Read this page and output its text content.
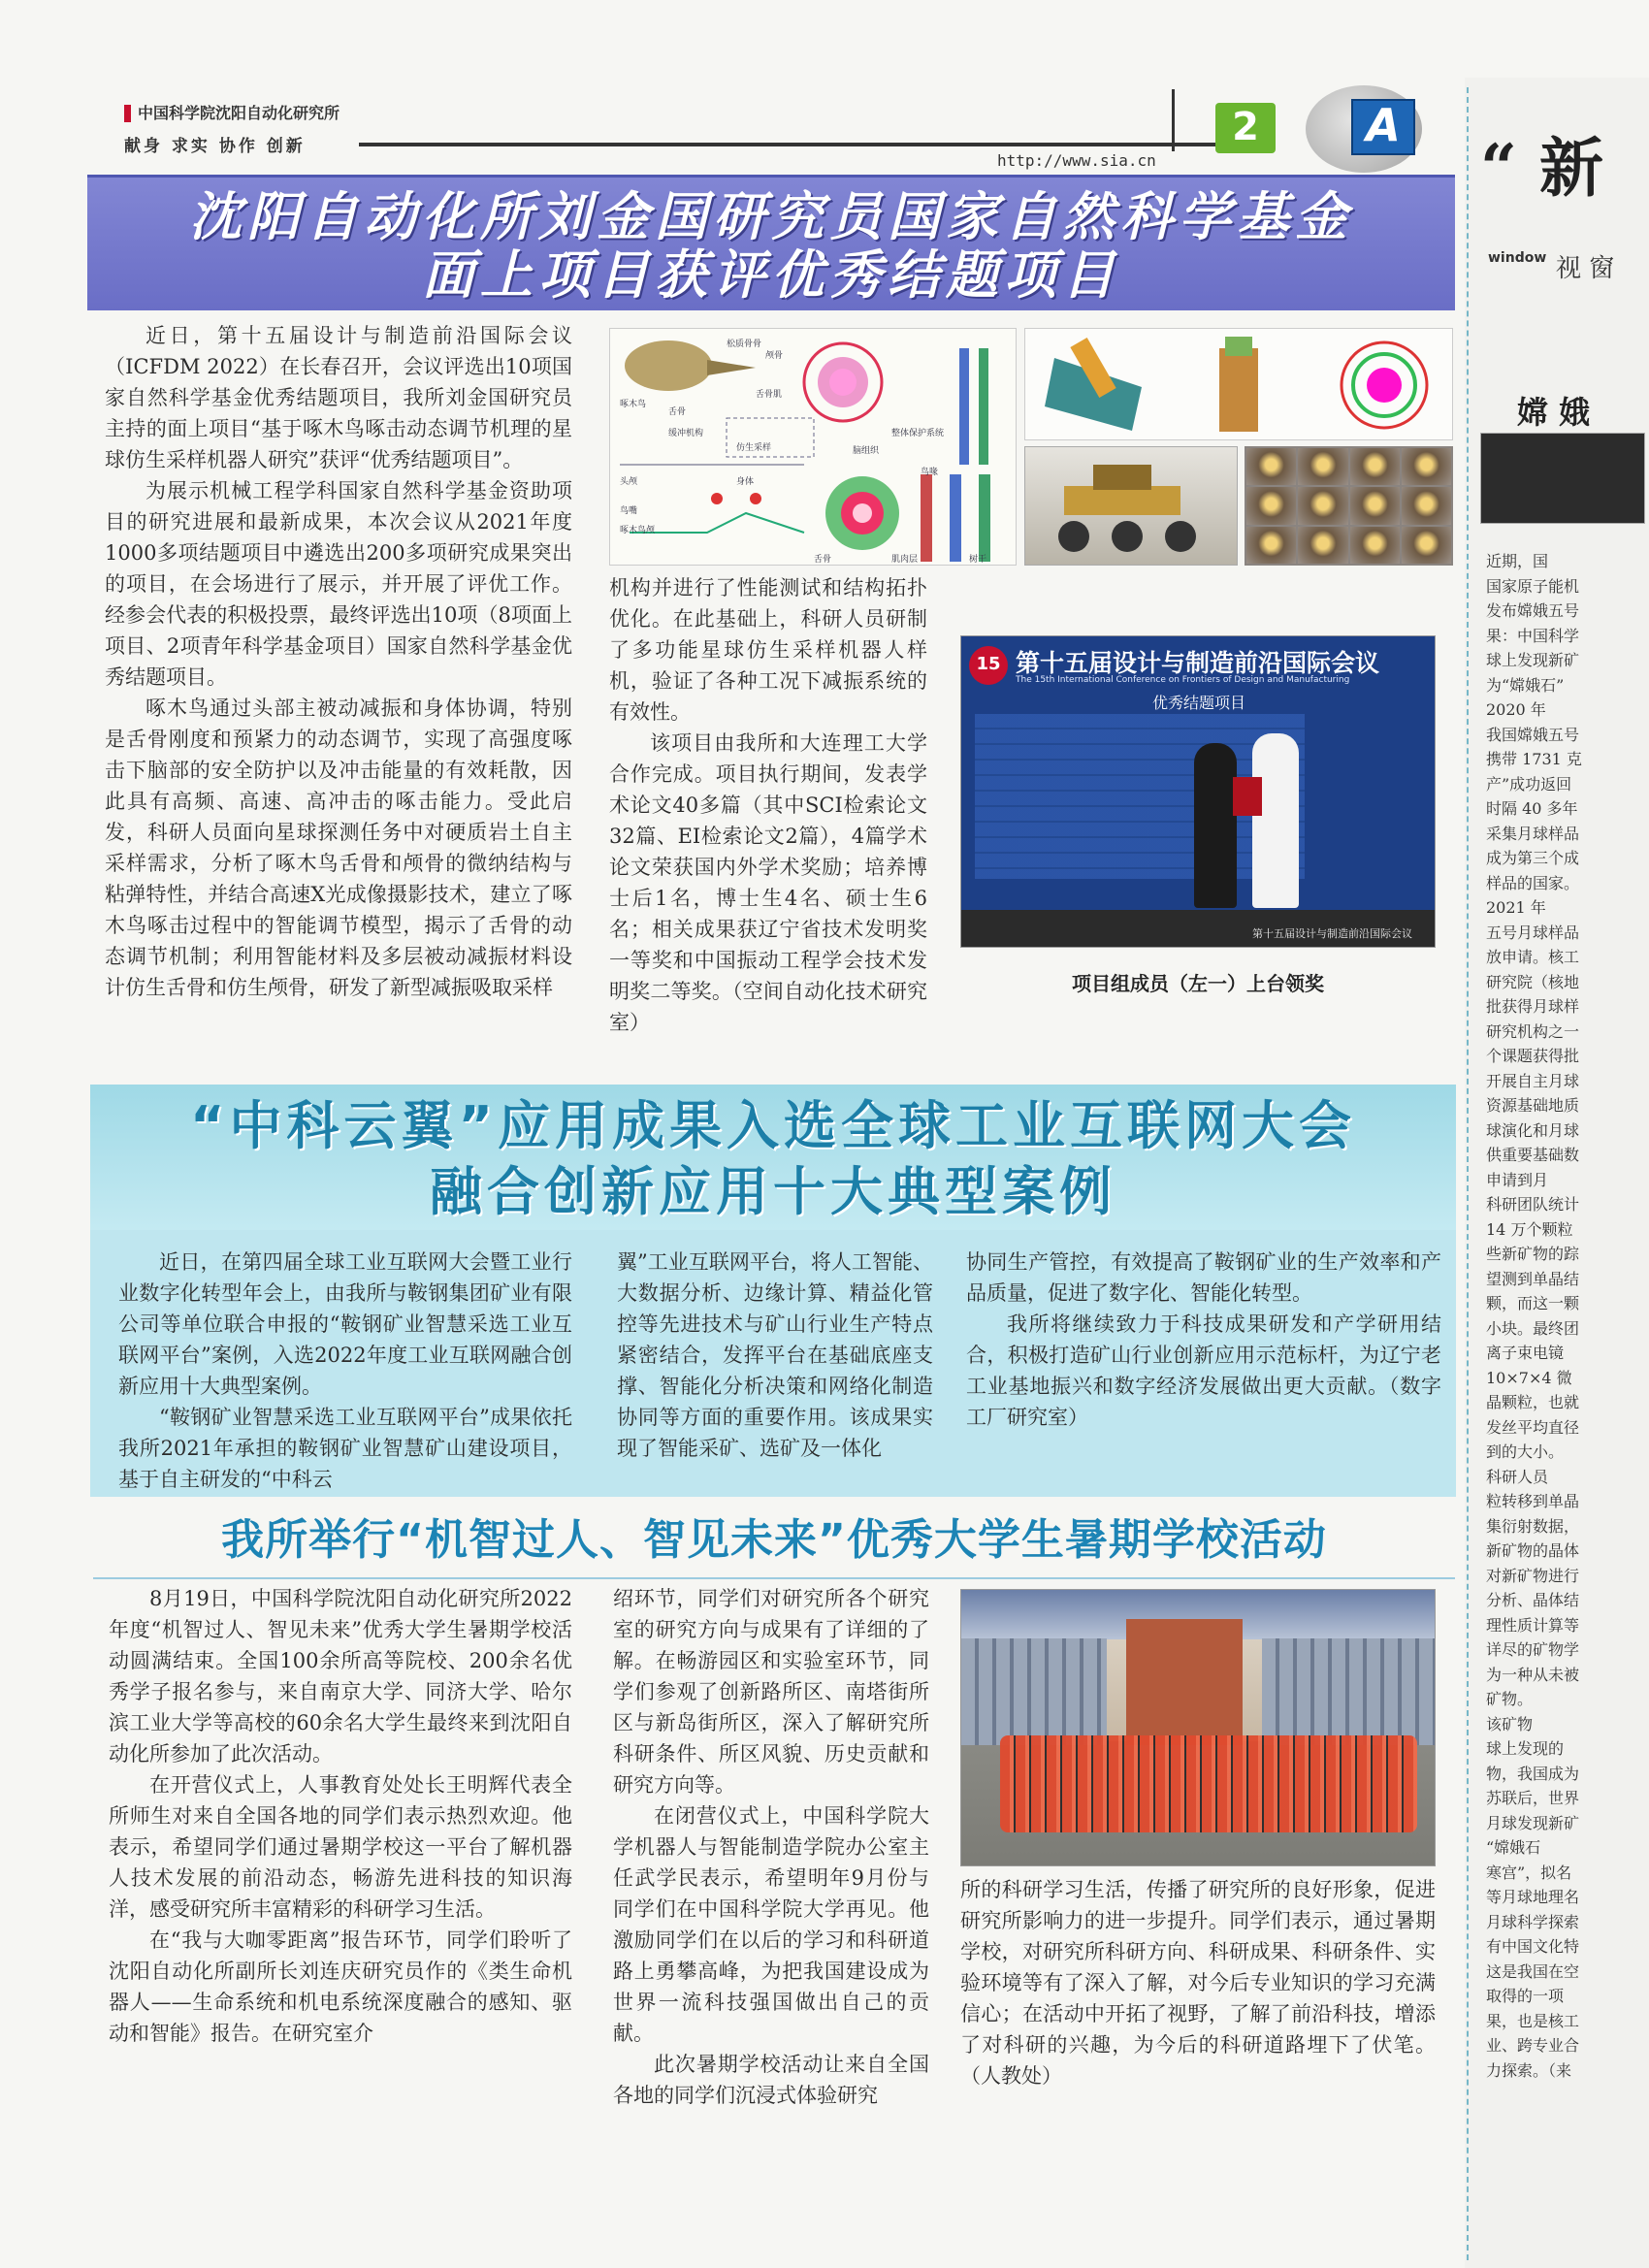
中国科学院沈阳自动化研究所
献身 求实 协作 创新
http://www.sia.cn
2	A
“ 新
window 视 窗
嫦 娥
近期，国
国家原子能机
发布嫦娥五号
果：中国科学
球上发现新矿
为“嫦娥石”
2020 年
我国嫦娥五号
携带 1731 克
产”成功返回
时隔 40 多年
采集月球样品
成为第三个成
样品的国家。
2021 年
五号月球样品
放申请。核工
研究院（核地
批获得月球样
研究机构之一
个课题获得批
开展自主月球
资源基础地质
球演化和月球
供重要基础数
申请到月
科研团队统计
14 万个颗粒
些新矿物的踪
望测到单晶结
颗，而这一颗
小块。最终团
离子束电镜
10×7×4 微
晶颗粒，也就
发丝平均直径
到的大小。
科研人员
粒转移到单晶
集衍射数据，
新矿物的晶体
对新矿物进行
分析、晶体结
理性质计算等
详尽的矿物学
为一种从未被
矿物。
该矿物
球上发现的
物，我国成为
苏联后，世界
月球发现新矿
“嫦娥石
寒宫”，拟名
等月球地理名
月球科学探索
有中国文化特
这是我国在空
取得的一项
果，也是核工
业、跨专业合
力探索。（来
沈阳自动化所刘金国研究员国家自然科学基金
面上项目获评优秀结题项目

近日，第十五届设计与制造前沿国际会议（ICFDM 2022）在长春召开，会议评选出10项国家自然科学基金优秀结题项目，我所刘金国研究员主持的面上项目“基于啄木鸟啄击动态调节机理的星球仿生采样机器人研究”获评“优秀结题项目”。
为展示机械工程学科国家自然科学基金资助项目的研究进展和最新成果，本次会议从2021年度1000多项结题项目中遴选出200多项研究成果突出的项目，在会场进行了展示，并开展了评优工作。经参会代表的积极投票，最终评选出10项（8项面上项目、2项青年科学基金项目）国家自然科学基金优秀结题项目。
啄木鸟通过头部主被动减振和身体协调，特别是舌骨刚度和预紧力的动态调节，实现了高强度啄击下脑部的安全防护以及冲击能量的有效耗散，因此具有高频、高速、高冲击的啄击能力。受此启发，科研人员面向星球探测任务中对硬质岩土自主采样需求，分析了啄木鸟舌骨和颅骨的微纳结构与粘弹特性，并结合高速X光成像摄影技术，建立了啄木鸟啄击过程中的智能调节模型，揭示了舌骨的动态调节机制；利用智能材料及多层被动减振材料设计仿生舌骨和仿生颅骨，研发了新型减振吸取采样

松质骨骨
啄木鸟
舌骨
颅骨
舌骨肌
缓冲机构
仿生采样
头颅	身体
鸟嘴
整体保护系统
鸟喙
啄木鸟颅
脑组织
舌骨	肌肉层	树干

机构并进行了性能测试和结构拓扑优化。在此基础上，科研人员研制了多功能星球仿生采样机器人样机，验证了各种工况下减振系统的有效性。
该项目由我所和大连理工大学合作完成。项目执行期间，发表学术论文40多篇（其中SCI检索论文32篇、EI检索论文2篇），4篇学术论文荣获国内外学术奖励；培养博士后1名，博士生4名、硕士生6名；相关成果获辽宁省技术发明奖一等奖和中国振动工程学会技术发明奖二等奖。（空间自动化技术研究室）

15 第十五届设计与制造前沿国际会议
The 15th International Conference on Frontiers of Design and Manufacturing
优秀结题项目
第十五届设计与制造前沿国际会议
项目组成员（左一）上台领奖
“中科云翼”应用成果入选全球工业互联网大会
融合创新应用十大典型案例

近日，在第四届全球工业互联网大会暨工业行业数字化转型年会上，由我所与鞍钢集团矿业有限公司等单位联合申报的“鞍钢矿业智慧采选工业互联网平台”案例，入选2022年度工业互联网融合创新应用十大典型案例。
“鞍钢矿业智慧采选工业互联网平台”成果依托我所2021年承担的鞍钢矿业智慧矿山建设项目，基于自主研发的“中科云

翼”工业互联网平台，将人工智能、大数据分析、边缘计算、精益化管控等先进技术与矿山行业生产特点紧密结合，发挥平台在基础底座支撑、智能化分析决策和网络化制造协同等方面的重要作用。该成果实现了智能采矿、选矿及一体化

协同生产管控，有效提高了鞍钢矿业的生产效率和产品质量，促进了数字化、智能化转型。
我所将继续致力于科技成果研发和产学研用结合，积极打造矿山行业创新应用示范标杆，为辽宁老工业基地振兴和数字经济发展做出更大贡献。（数字工厂研究室）

我所举行“机智过人、智见未来”优秀大学生暑期学校活动

8月19日，中国科学院沈阳自动化研究所2022年度“机智过人、智见未来”优秀大学生暑期学校活动圆满结束。全国100余所高等院校、200余名优秀学子报名参与，来自南京大学、同济大学、哈尔滨工业大学等高校的60余名大学生最终来到沈阳自动化所参加了此次活动。
在开营仪式上，人事教育处处长王明辉代表全所师生对来自全国各地的同学们表示热烈欢迎。他表示，希望同学们通过暑期学校这一平台了解机器人技术发展的前沿动态，畅游先进科技的知识海洋，感受研究所丰富精彩的科研学习生活。
在“我与大咖零距离”报告环节，同学们聆听了沈阳自动化所副所长刘连庆研究员作的《类生命机器人——生命系统和机电系统深度融合的感知、驱动和智能》报告。在研究室介

绍环节，同学们对研究所各个研究室的研究方向与成果有了详细的了解。在畅游园区和实验室环节，同学们参观了创新路所区、南塔街所区与新岛街所区，深入了解研究所科研条件、所区风貌、历史贡献和研究方向等。
在闭营仪式上，中国科学院大学机器人与智能制造学院办公室主任武学民表示，希望明年9月份与同学们在中国科学院大学再见。他激励同学们在以后的学习和科研道路上勇攀高峰，为把我国建设成为世界一流科技强国做出自己的贡献。
此次暑期学校活动让来自全国各地的同学们沉浸式体验研究

所的科研学习生活，传播了研究所的良好形象，促进研究所影响力的进一步提升。同学们表示，通过暑期学校，对研究所科研方向、科研成果、科研条件、实验环境等有了深入了解，对今后专业知识的学习充满信心；在活动中开拓了视野，了解了前沿科技，增添了对科研的兴趣，为今后的科研道路埋下了伏笔。（人教处）
